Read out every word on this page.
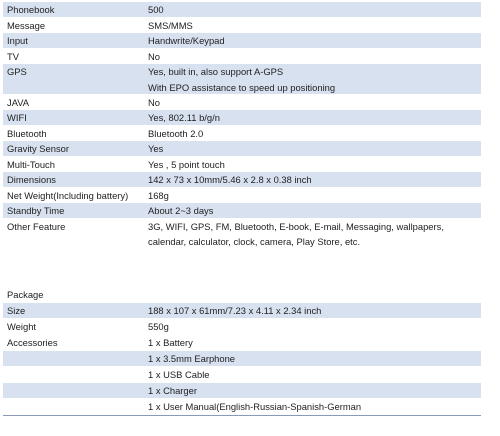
Phonebook	500
Message	SMS/MMS
Input	Handwrite/Keypad
TV	No
GPS	Yes, built in, also support A-GPS
With EPO assistance to speed up positioning
JAVA	No
WIFI	Yes, 802.11 b/g/n
Bluetooth	Bluetooth 2.0
Gravity Sensor	Yes
Multi-Touch	Yes , 5 point touch
Dimensions	142 x 73 x 10mm/5.46 x 2.8 x 0.38 inch
Net Weight(Including battery)	168g
Standby Time	About 2~3 days
Other Feature	3G, WIFI, GPS, FM, Bluetooth, E-book, E-mail, Messaging, wallpapers,
calendar, calculator, clock, camera, Play Store, etc.
Package
Size	188 x 107 x 61mm/7.23 x 4.11 x 2.34 inch
Weight	550g
Accessories	1 x Battery
1 x 3.5mm Earphone
1 x USB Cable
1 x Charger
1 x User Manual(English-Russian-Spanish-German
